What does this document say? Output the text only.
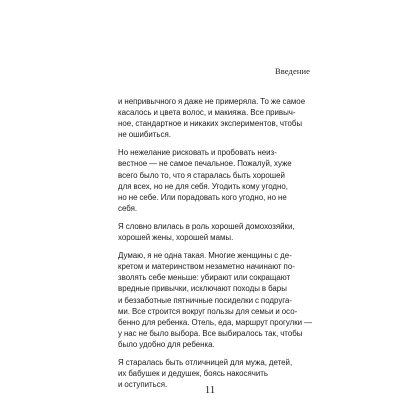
Введение

и непривычного я даже не примеряла. То же самое
касалось и цвета волос, и макияжа. Все привыч-
ное, стандартное и никаких экспериментов, чтобы
не ошибиться.

Но нежелание рисковать и пробовать неиз-
вестное — не самое печальное. Пожалуй, хуже
всего было то, что я старалась быть хорошей
для всех, но не для себя. Угодить кому угодно,
но не себе. Или порадовать кого угодно, но не
себя.

Я словно влилась в роль хорошей домохозяйки,
хорошей жены, хорошей мамы.

Думаю, я не одна такая. Многие женщины с де-
кретом и материнством незаметно начинают по-
зволять себе меньше: убирают или сокращают
вредные привычки, исключают походы в бары
и беззаботные пятничные посиделки с подруга-
ми. Все строится вокруг пользы для семьи и осо-
бенно для ребенка. Отель, еда, маршрут прогулки —
у нас не было выбора. Все выбиралось так, чтобы
было удобно для ребенка.

Я старалась быть отличницей для мужа, детей,
их бабушек и дедушек, боясь накосячить
и оступиться.	11
